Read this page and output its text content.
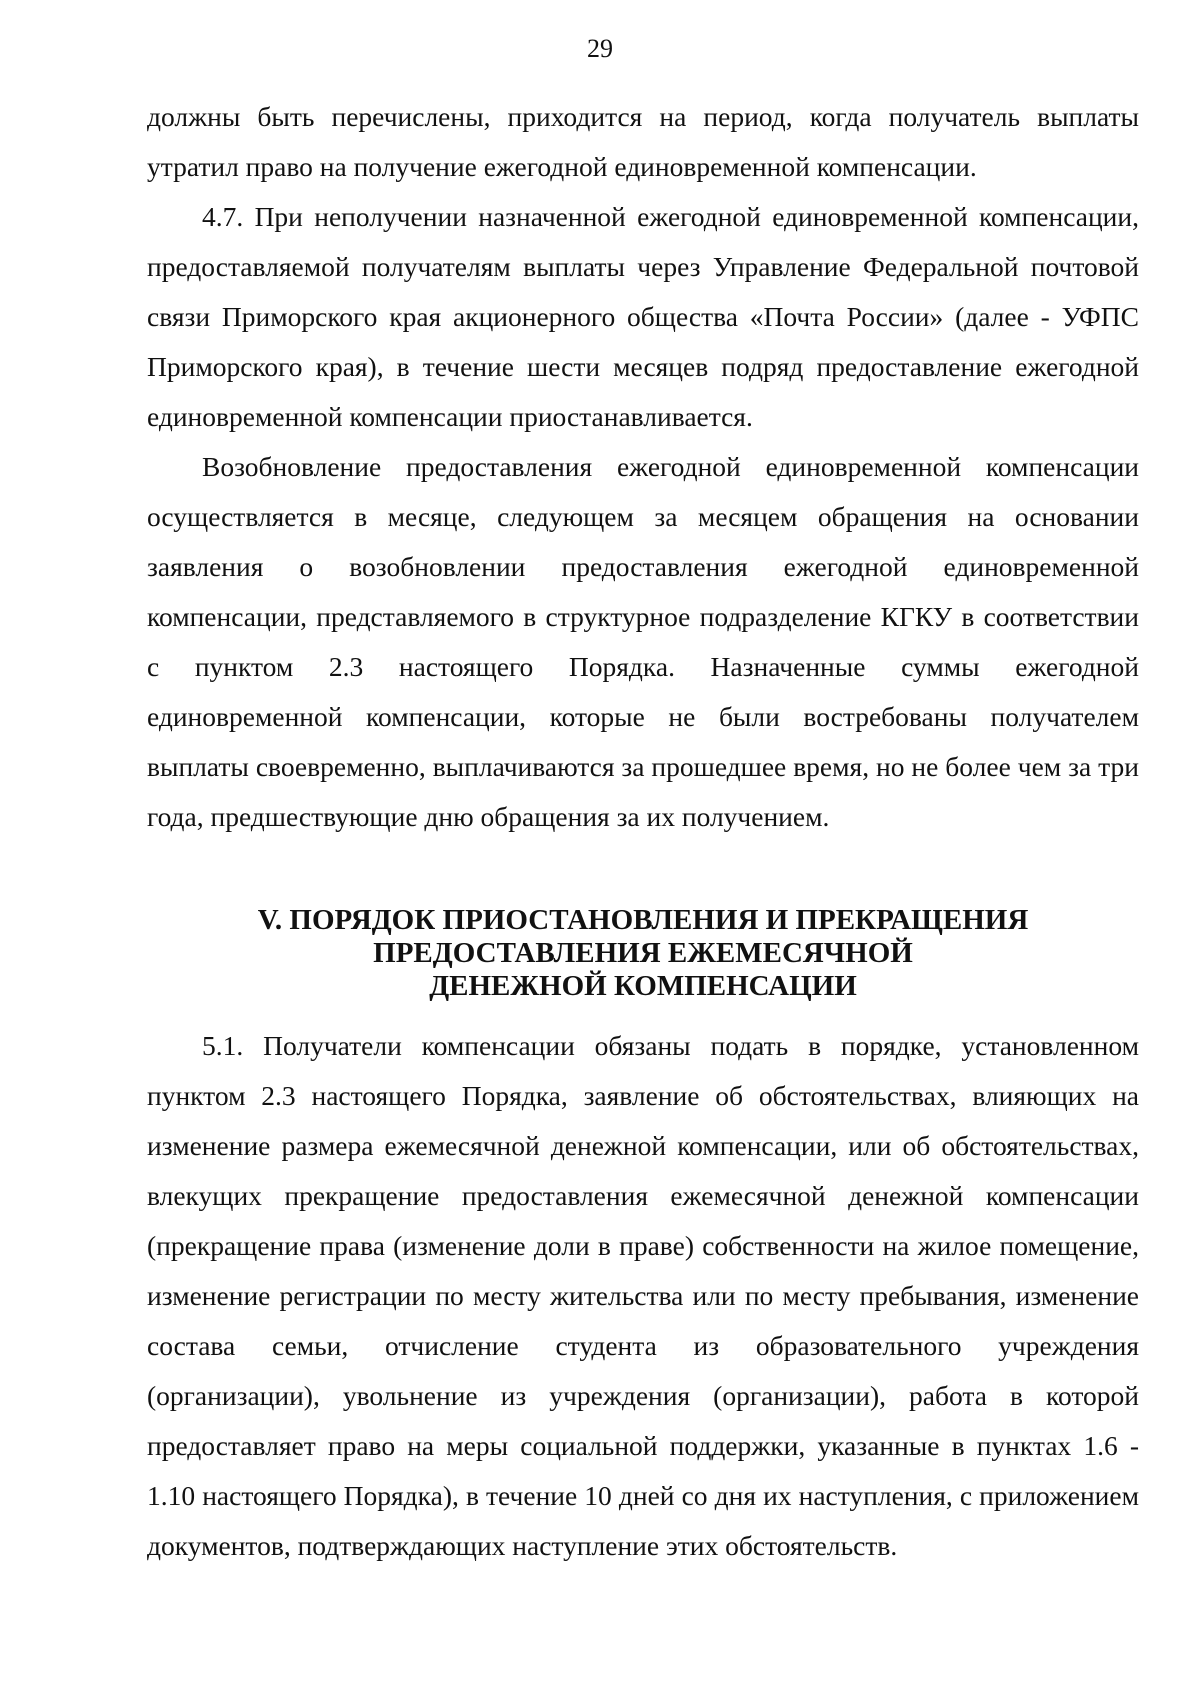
29

должны быть перечислены, приходится на период, когда получатель выплаты утратил право на получение ежегодной единовременной компенсации.

4.7. При неполучении назначенной ежегодной единовременной компенсации, предоставляемой получателям выплаты через Управление Федеральной почтовой связи Приморского края акционерного общества «Почта России» (далее - УФПС Приморского края), в течение шести месяцев подряд предоставление ежегодной единовременной компенсации приостанавливается.

Возобновление предоставления ежегодной единовременной компенсации осуществляется в месяце, следующем за месяцем обращения на основании заявления о возобновлении предоставления ежегодной единовременной компенсации, представляемого в структурное подразделение КГКУ в соответствии с пунктом 2.3 настоящего Порядка. Назначенные суммы ежегодной единовременной компенсации, которые не были востребованы получателем выплаты своевременно, выплачиваются за прошедшее время, но не более чем за три года, предшествующие дню обращения за их получением.

V. ПОРЯДОК ПРИОСТАНОВЛЕНИЯ И ПРЕКРАЩЕНИЯ
ПРЕДОСТАВЛЕНИЯ ЕЖЕМЕСЯЧНОЙ
ДЕНЕЖНОЙ КОМПЕНСАЦИИ

5.1. Получатели компенсации обязаны подать в порядке, установленном пунктом 2.3 настоящего Порядка, заявление об обстоятельствах, влияющих на изменение размера ежемесячной денежной компенсации, или об обстоятельствах, влекущих прекращение предоставления ежемесячной денежной компенсации (прекращение права (изменение доли в праве) собственности на жилое помещение, изменение регистрации по месту жительства или по месту пребывания, изменение состава семьи, отчисление студента из образовательного учреждения (организации), увольнение из учреждения (организации), работа в которой предоставляет право на меры социальной поддержки, указанные в пунктах 1.6 - 1.10 настоящего Порядка), в течение 10 дней со дня их наступления, с приложением документов, подтверждающих наступление этих обстоятельств.
